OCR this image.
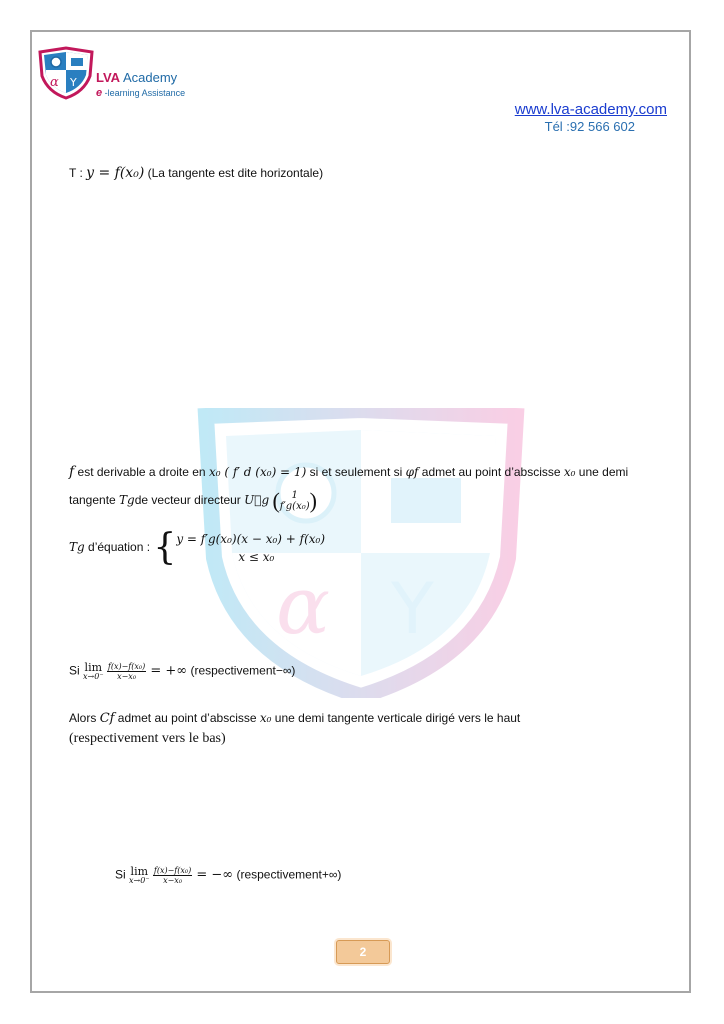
α Y LVA Academy
e -learning Assistance
www.lva-academy.com
Tél :92 566 602
α Y
T : y = f(x₀) (La tangente est dite horizontale)
f est derivable a droite en x₀ ( f′ d (x₀) = 1) si et seulement si φf admet au point d’abscisse x₀ une demi
tangente Tgde vecteur directeur U⃗g (	1
f′g(x₀) )
Tg d’équation : { y = f′g(x₀)(x − x₀) + f(x₀)
x ≤ x₀
Si lim
x→0⁻
$\frac{\text{f(x)−f(x₀)}}{\text{x−x₀}}$ = +∞ (respectivement−∞)
Alors Cf admet au point d’abscisse x₀ une demi tangente verticale dirigé vers le haut
(respectivement vers le bas)
Si lim
x→0⁻
$\frac{\text{f(x)−f(x₀)}}{\text{x−x₀}}$ = −∞ (respectivement+∞)
2
